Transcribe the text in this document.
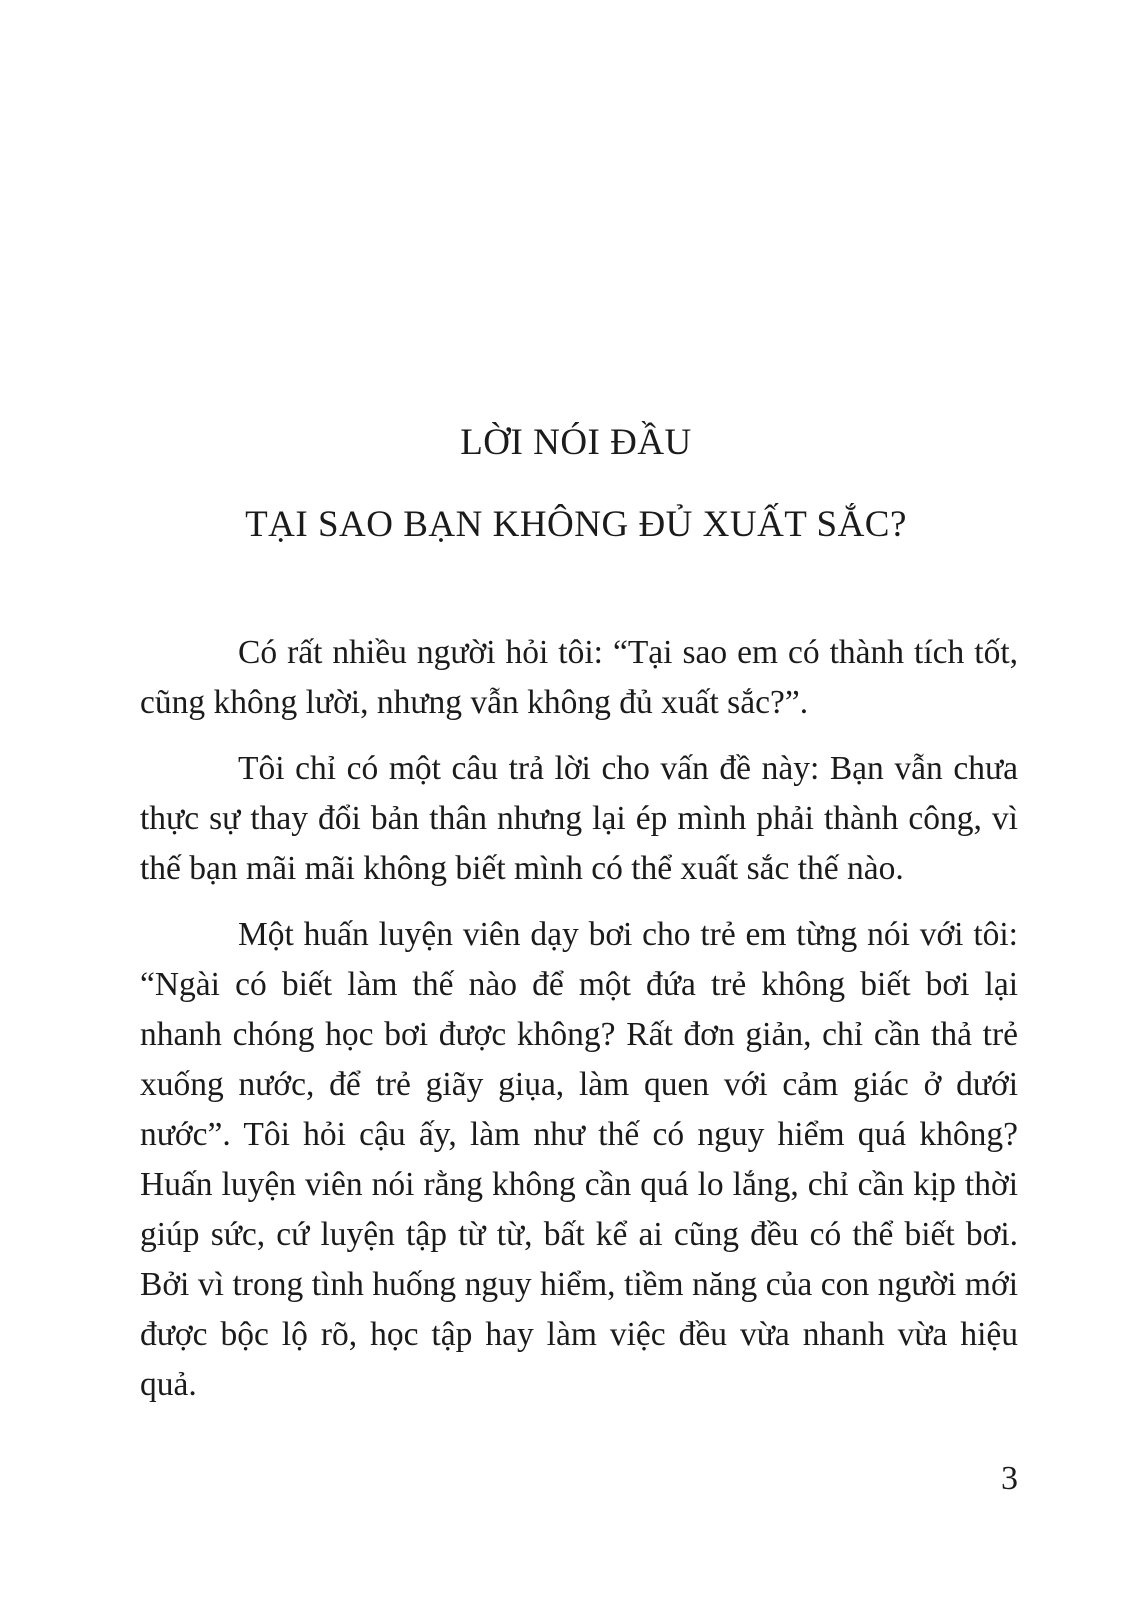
LỜI NÓI ĐẦU
TẠI SAO BẠN KHÔNG ĐỦ XUẤT SẮC?

Có rất nhiều người hỏi tôi: “Tại sao em có thành tích tốt, cũng không lười, nhưng vẫn không đủ xuất sắc?”.

Tôi chỉ có một câu trả lời cho vấn đề này: Bạn vẫn chưa thực sự thay đổi bản thân nhưng lại ép mình phải thành công, vì thế bạn mãi mãi không biết mình có thể xuất sắc thế nào.

Một huấn luyện viên dạy bơi cho trẻ em từng nói với tôi: “Ngài có biết làm thế nào để một đứa trẻ không biết bơi lại nhanh chóng học bơi được không? Rất đơn giản, chỉ cần thả trẻ xuống nước, để trẻ giãy giụa, làm quen với cảm giác ở dưới nước”. Tôi hỏi cậu ấy, làm như thế có nguy hiểm quá không? Huấn luyện viên nói rằng không cần quá lo lắng, chỉ cần kịp thời giúp sức, cứ luyện tập từ từ, bất kể ai cũng đều có thể biết bơi. Bởi vì trong tình huống nguy hiểm, tiềm năng của con người mới được bộc lộ rõ, học tập hay làm việc đều vừa nhanh vừa hiệu quả.

3
